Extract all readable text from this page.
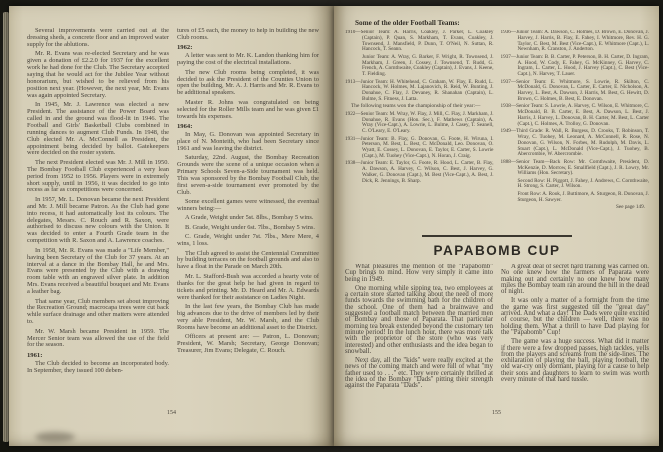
Several improvements were carried out at the dressing sheds, a concrete floor and an improved water supply for the ablutions.

Mr. R. Evans was re-elected Secretary and he was given a donation of £2.2.0 for 1937 for the excellent work he had done for the Club. The Secretary accepted saying that he would act for the Jubilee Year without honorarium, but wished to be relieved from his position next year. (However, the next year, Mr. Evans was again appointed Secretary.

In 1945, Mr. J. Lawrence was elected a new President. The assistance of the Power Board was called in and the ground was flood-lit in 1946. The Football and Girls' Basketball Clubs combined in running dances to augment Club Funds. In 1948, the Club elected Mr. A. McConnell as President, the appointment being decided by ballot. Gatekeepers were decided on the roster system.

The next President elected was Mr. J. Mill in 1950. The Bombay Football Club experienced a very lean period from 1952 to 1956. Players were in extremely short supply, until in 1956, it was decided to go into recess as far as competitions were concerned.

In 1957, Mr. L. Donovan became the next President and Mr. J. Mill became Patron. As the Club had gone into recess, it had automatically lost its colours. The delegates, Messrs. C. Rouch and R. Saxon, were authorised to discuss new colours with the Union. It was decided to enter a Fourth Grade team in the competition with R. Saxon and A. Lawrence coaches.

In 1958, Mr. R. Evans was made a "Life Member," having been Secretary of the Club for 37 years. At an interval at a dance in the Bombay Hall, he and Mrs. Evans were presented by the Club with a drawing room table with an engraved silver plate. In addition Mrs. Evans received a beautiful bouquet and Mr. Evans a leather bag.

That same year, Club members set about improving the Recreation Ground; macrocapa trees were cut back while surface drainage and other matters were attended to.

Mr. W. Marsh became President in 1959. The Mercer Senior team was allowed the use of the field for the season.

1961:

The Club decided to become an incorporated body. In September, they issued 100 deben-

tures of £5 each, the money to help in building the new Club rooms.

1962:

A letter was sent to Mr. K. Landon thanking him for paying the cost of the electrical installations.

The new Club rooms being completed, it was decided to ask the President of the Counties Union to open the building, Mr. A. J. Harris and Mr. R. Evans to be additional speakers.

Master R. Johns was congratulated on being selected for the Roller Mills team and he was given £1 towards his expenses.

1964:

In May, G. Donovan was appointed Secretary in place of N. Monteith, who had been Secretary since 1961 and was leaving the district.

Saturday, 22nd. August, the Bombay Recreation Grounds were the scene of a unique occasion when a Primary Schools Seven-a-Side tournament was held. This was sponsored by the Bombay Football Club, the first seven-a-side tournament ever promoted by the Club.

Some excellent games were witnessed, the eventual winners being:—

A Grade, Weight under 5st. 8lbs., Bombay 5 wins.

B. Grade, Weight under 6st. 7lbs., Bombay 5 wins.

C. Grade, Weight under 7st. 7lbs., Mere Mere, 4 wins, 1 loss.

The Club agreed to assist the Centennial Committee by building terraces on the football grounds and also to have a float in the Parade on March 20th.

Mr. L. Stafford-Bush was accorded a hearty vote of thanks for the great help he had given in regard to tickets and printing. Mr. D. Heard and Mr. A. Edwards were thanked for their assistance on Ladies Night.

In the last few years, the Bombay Club has made big advances due to the drive of members led by their very able President, Mr. W. Marsh, and the Club Rooms have become an additional asset to the District.

Officers at present are: — Patron, L. Donovan; President, W. Marsh; Secretary, George Donovan; Treasurer, Jim Evans; Delegate, C. Rouch.

154
Some of the older Football Teams:

1910—Senior Team: A. Harris, Coakley, J. Parker, L. Coakley (Captain), P. Quan, S. Markham, T. Evans, Coakley, J. Townsend, J. Mansfield, P. Dunn, T. O'Neil, N. Suttan, R. Hancock, T. Seann.

Junior Team: A. Wray, G. Barker, F. Wright, R. Townsend, J. Markham, J. Green, J. Cossey, J. Townsend, T. Rudd, G. French, A. Cornthwaite, Coakley (Captain), J. Evans, J. Keene, T. Fielding.

1913—Junior Team: H. Whitehead, C. Graham, W. Flay, E. Rudd, L. Hancock, W. Holmes, M. Lajanovich, R. Reid, W. Bunting, J. Donahue, C. Flay, J. Devaney, R. Shanahan (Captain), L. Bulme, S. Fitness, J. Latta.

The following teams won the championship of their year:—

1922—Senior Team: M. Wray, W. Flay, J. Mill, C. Flay, J. Markham, J. Donahue, R. Evans (Hon. Sec.), F. Mathews (Captain), A. Wray (Vice-Capt.), A. Lowrie, L. Bulme, J. Casey, T. Seanell, C. O'Leary, E. O'Leary.

1931—Junior Team: B. Flay, G. Donovan, G. Foote, H. Wiruna, I. Peterson, M. Best, L. Best, C. McDonald, Leo. Donovan, O. Wyatt, E. Cossey, L. Donovan, E. Taylor, E. Carter, S. Lowrie (Capt.), M. Tuohey (Vice-Capt.), N. Horan, J. Craig.

1938—Junior Team: E. Taylor, G. Foote, R. Hood, L. Carter, B. Flay, A. Dawson, A. Harvey, C. Wilson, C. Best, J. Harvey, G. Walker, G. Donovan (Capt.), M. Best (Vice-Capt.), A. Best, J. Dick, R. Jennings, B. Sharp.

1936—Junior Team: A. Dawson, C. Holmes, D. Brown, E. Donovan, J. Harvey, J. Harris, B. Flay, E. Fahey, I. Whitmore, Rev. H. G. Taylor, C. Best, M. Best (Vice-Capt.), E. Whitmore (Capt.), L. Newnham, R. Cranston, J. Anderton.

1937—Junior Team: B. B. Carter, P. Peterson, B. H. Carter, D. Ingram, A. Hood, W. Cody, E. Fahey, G. McKinney, G. Harvey, C. Ingram, L. Carter, L. Hood, J. Harvey (Capt.), C. Best (Vice-Capt.), N. Harvey, T. Lauer.

1937—Senior Team: E. Whitmore, S. Lowrie, R. Skilton, C. McDonald, G. Donovan, L. Carter, E. Carter, E. Nicholson, A. Harvey, L. Best, A. Dawson, J. Harris, M. Best, G. Hewitt, D. Brown, C. Holmes, B. Best, E. Donovan.

1938—Senior Team: S. Lowrie, A. Harvey, C. Wilson, E. Whitmore, C. McDonald, B. B. Carter, E. Best, A. Dawson, L. Best, J. Harris, J. Harvey, L. Donovan, B. H. Carter, M. Best, L. Carter (Capt.), C. Holmes, A. Trolloy, G. Donovan.

1949—Third Grade: R. Wall, R. Burgess, D. Crooks, T. Robinson, T. Wray, C. Tuohey, M. Leonard, A. McConnell, R. Rose, N. Donovan, G. Wilson, N. Forbes, M. Rudolph, M. Davis, L. Stuart (Capt.), L. McDonald (Vice-Capt.), J. Tuohey, B. Abercrombie, W. Abercrombie.

1888—Senior Team—Back Row: Mr. Cornthwaite, President, D. McKenzie, D. Morrow, E. Smallfield (Capt.), J. R. Lowry, Mr. Williams (Hon. Secretary).

Second Row: H. Piggott, J. Fahey, J. Andrews, C. Cornthwaite, H. Strong, S. Carter, J. Wilson.

Front Row: A. Rook, J. Buttimore, A. Sturgeon, R. Donovan, J. Sturgeon, H. Sawyer.

See page 149.

PAPABOMB CUP

What pleasures the mention of the "Papabomb" Cup brings to mind. How very simply it came into being in 1949.

One morning while sipping tea, two employees at a certain store started talking about the need of more funds towards the swimming bath for the children of the school. One of them had a brainwave and suggested a football match between the married men of Bombay and those of Paparata. That particular morning tea break extended beyond the customary ten minute period! In the lunch hour, there was more talk with the proprietor of the store (who was very interested) and other enthusiasts and the idea began to snowball.

Next day, all the "kids" were really excited at the news of the coming match and were full of what "my father used to . . ." etc. They were certainly thrilled at the idea of the Bombay "Dads" pitting their strength against the Paparata "Dads".

A great deal of secret hard training was carried on. No one knew how the farmers of Paparata were making out and certainly no one knew how many miles the Bombay team ran around the hill in the dead of night.

It was only a matter of a fortnight from the time the game was first suggested till the "great day" arrived. And what a day! The Dads were quite excited of course, but the children — well, there was no holding them. What a thrill to have Dad playing for the "Papabomb" Cup!

The game was a huge success. What did it matter if there were a few dropped passes, high tackles, yells from the players and screams from the side-lines. The exhilaration of playing the ball, playing football, the old war-cry only dormant, playing for a cause to help their sons and daughters to learn to swim was worth every minute of that hard tussle.

155
